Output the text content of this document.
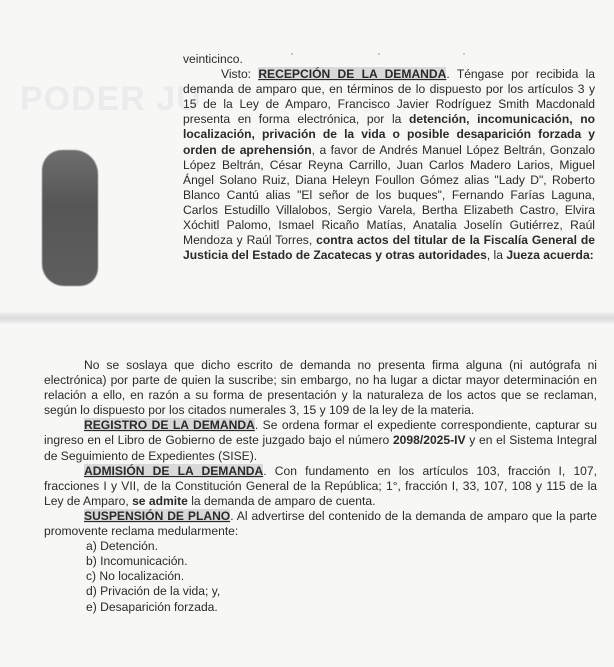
PODER JU
·	·	·

veinticinco.

Visto: RECEPCIÓN DE LA DEMANDA. Téngase por recibida la demanda de amparo que, en términos de lo dispuesto por los artículos 3 y 15 de la Ley de Amparo, Francisco Javier Rodríguez Smith Macdonald presenta en forma electrónica, por la detención, incomunicación, no localización, privación de la vida o posible desaparición forzada y orden de aprehensión, a favor de Andrés Manuel López Beltrán, Gonzalo López Beltrán, César Reyna Carrillo, Juan Carlos Madero Larios, Miguel Ángel Solano Ruiz, Diana Heleyn Foullon Gómez alias "Lady D", Roberto Blanco Cantú alias "El señor de los buques", Fernando Farías Laguna, Carlos Estudillo Villalobos, Sergio Varela, Bertha Elizabeth Castro, Elvira Xóchitl Palomo, Ismael Ricaño Matías, Anatalia Joselín Gutiérrez, Raúl Mendoza y Raúl Torres, contra actos del titular de la Fiscalía General de Justicia del Estado de Zacatecas y otras autoridades, la Jueza acuerda:

No se soslaya que dicho escrito de demanda no presenta firma alguna (ni autógrafa ni electrónica) por parte de quien la suscribe; sin embargo, no ha lugar a dictar mayor determinación en relación a ello, en razón a su forma de presentación y la naturaleza de los actos que se reclaman, según lo dispuesto por los citados numerales 3, 15 y 109 de la ley de la materia.

REGISTRO DE LA DEMANDA. Se ordena formar el expediente correspondiente, capturar su ingreso en el Libro de Gobierno de este juzgado bajo el número 2098/2025-IV y en el Sistema Integral de Seguimiento de Expedientes (SISE).

ADMISIÓN DE LA DEMANDA. Con fundamento en los artículos 103, fracción I, 107, fracciones I y VII, de la Constitución General de la República; 1°, fracción I, 33, 107, 108 y 115 de la Ley de Amparo, se admite la demanda de amparo de cuenta.

SUSPENSIÓN DE PLANO. Al advertirse del contenido de la demanda de amparo que la parte promovente reclama medularmente:

a) Detención.
b) Incomunicación.
c) No localización.
d) Privación de la vida; y,
e) Desaparición forzada.
